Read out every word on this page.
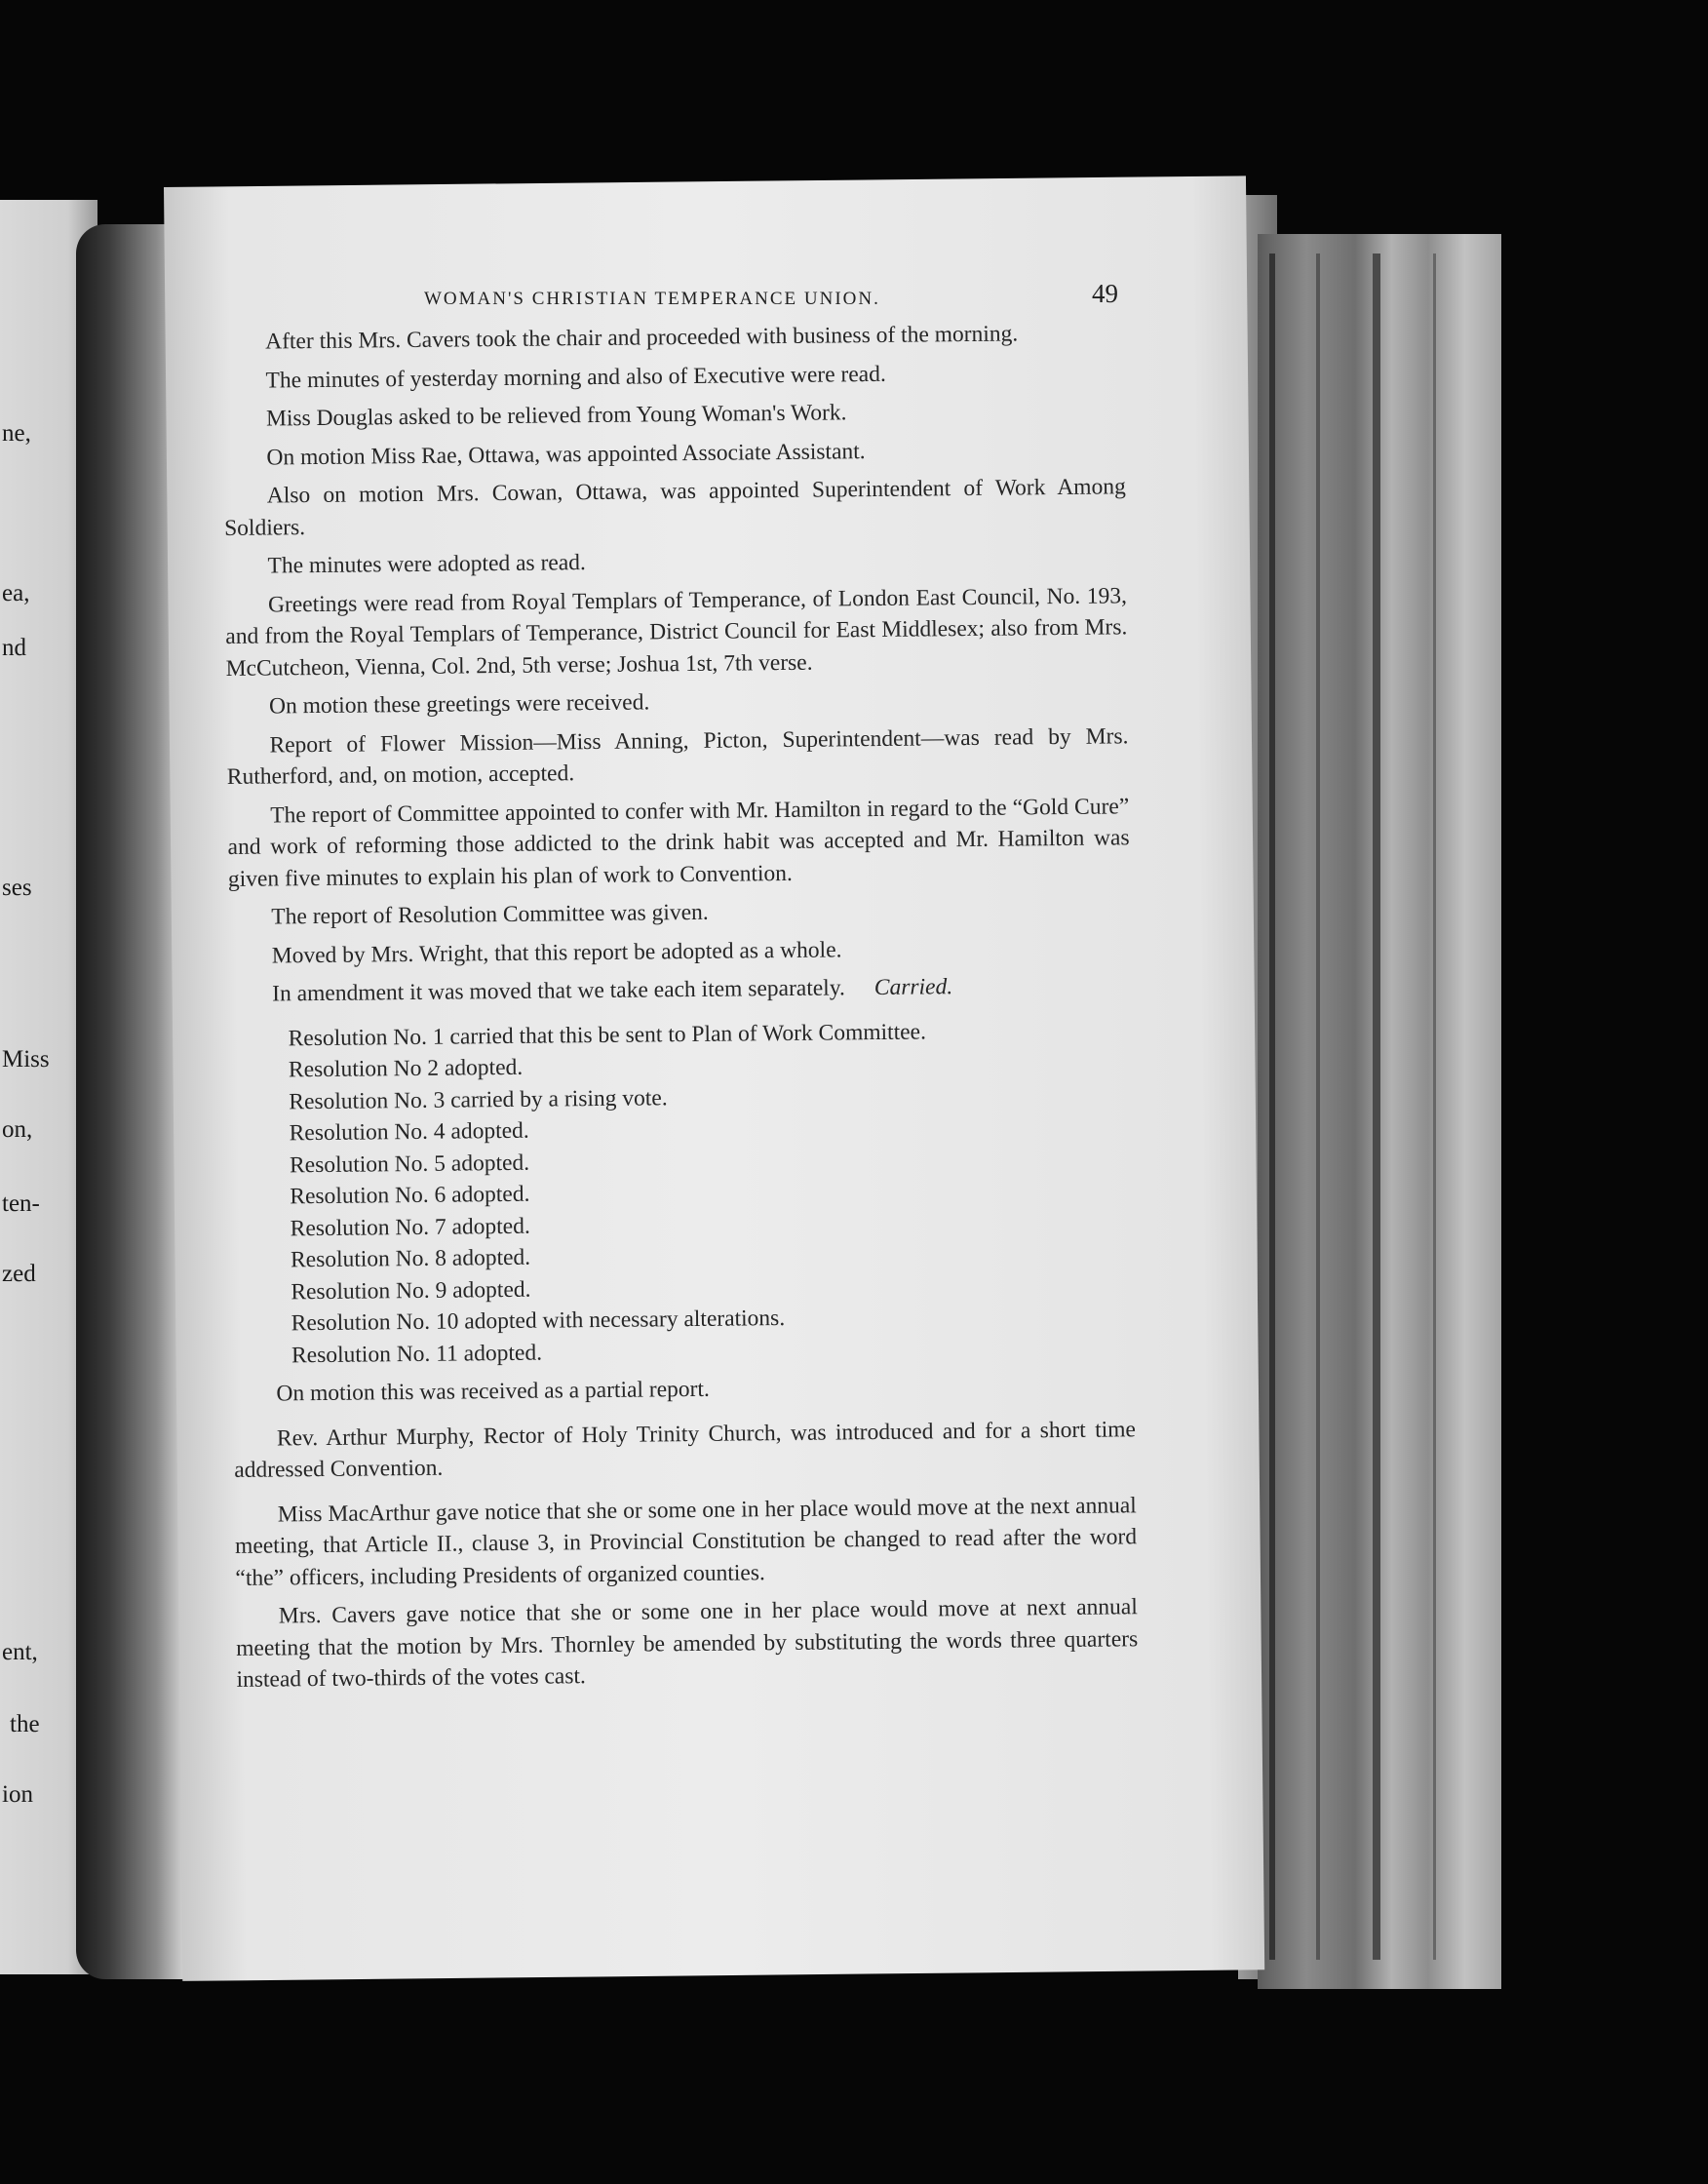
ne,
ea,
nd
ses
Miss
on,
ten-
zed
ent,
the
ion
WOMAN'S CHRISTIAN TEMPERANCE UNION.	49

After this Mrs. Cavers took the chair and proceeded with business of the morning.

The minutes of yesterday morning and also of Executive were read.

Miss Douglas asked to be relieved from Young Woman's Work.

On motion Miss Rae, Ottawa, was appointed Associate Assistant.

Also on motion Mrs. Cowan, Ottawa, was appointed Superintendent of Work Among Soldiers.

The minutes were adopted as read.

Greetings were read from Royal Templars of Temperance, of London East Council, No. 193, and from the Royal Templars of Temperance, District Council for East Middlesex; also from Mrs. McCutcheon, Vienna, Col. 2nd, 5th verse; Joshua 1st, 7th verse.

On motion these greetings were received.

Report of Flower Mission—Miss Anning, Picton, Superintendent—was read by Mrs. Rutherford, and, on motion, accepted.

The report of Committee appointed to confer with Mr. Hamilton in regard to the “Gold Cure” and work of reforming those addicted to the drink habit was accepted and Mr. Hamilton was given five minutes to explain his plan of work to Convention.

The report of Resolution Committee was given.

Moved by Mrs. Wright, that this report be adopted as a whole.

In amendment it was moved that we take each item separately. Carried.

Resolution No. 1 carried that this be sent to Plan of Work Committee.

Resolution No 2 adopted.

Resolution No. 3 carried by a rising vote.

Resolution No. 4 adopted.

Resolution No. 5 adopted.

Resolution No. 6 adopted.

Resolution No. 7 adopted.

Resolution No. 8 adopted.

Resolution No. 9 adopted.

Resolution No. 10 adopted with necessary alterations.

Resolution No. 11 adopted.

On motion this was received as a partial report.

Rev. Arthur Murphy, Rector of Holy Trinity Church, was introduced and for a short time addressed Convention.

Miss MacArthur gave notice that she or some one in her place would move at the next annual meeting, that Article II., clause 3, in Provincial Constitution be changed to read after the word “the” officers, including Presidents of organized counties.

Mrs. Cavers gave notice that she or some one in her place would move at next annual meeting that the motion by Mrs. Thornley be amended by substituting the words three quarters instead of two-thirds of the votes cast.
